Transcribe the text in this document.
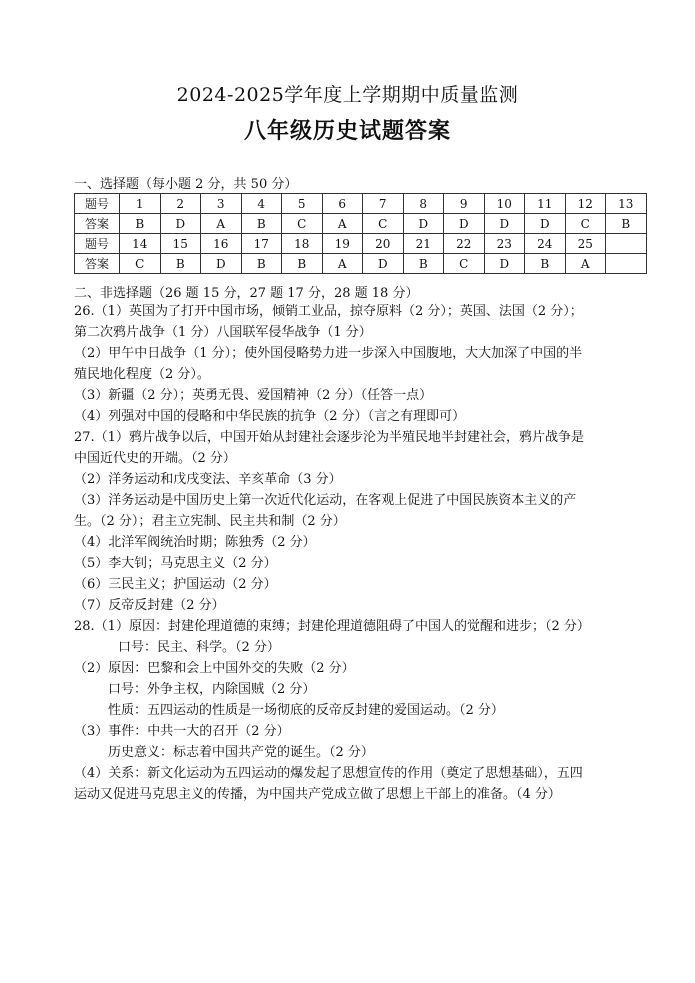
2024-2025学年度上学期期中质量监测
八年级历史试题答案
一、选择题（每小题 2 分，共 50 分）
题号	1	2	3	4	5	6	7	8	9	10	11	12	13
答案	B	D	A	B	C	A	C	D	D	D	D	C	B
题号	14	15	16	17	18	19	20	21	22	23	24	25	
答案	C	B	D	B	B	A	D	B	C	D	B	A	
二、非选择题（26 题 15 分，27 题 17 分，28 题 18 分）
26.（1）英国为了打开中国市场，倾销工业品，掠夺原料（2 分）；英国、法国（2 分）；
第二次鸦片战争（1 分）八国联军侵华战争（1 分）
（2）甲午中日战争（1 分）；使外国侵略势力进一步深入中国腹地，大大加深了中国的半
殖民地化程度（2 分）。
（3）新疆（2 分）；英勇无畏、爱国精神（2 分）（任答一点）
（4）列强对中国的侵略和中华民族的抗争（2 分）（言之有理即可）
27.（1）鸦片战争以后，中国开始从封建社会逐步沦为半殖民地半封建社会，鸦片战争是
中国近代史的开端。（2 分）
（2）洋务运动和戊戌变法、辛亥革命（3 分）
（3）洋务运动是中国历史上第一次近代化运动，在客观上促进了中国民族资本主义的产
生。（2 分）；君主立宪制、民主共和制（2 分）
（4）北洋军阀统治时期；陈独秀（2 分）
（5）李大钊；马克思主义（2 分）
（6）三民主义；护国运动（2 分）
（7）反帝反封建（2 分）
28.（1）原因：封建伦理道德的束缚；封建伦理道德阻碍了中国人的觉醒和进步；（2 分）
口号：民主、科学。（2 分）
（2）原因：巴黎和会上中国外交的失败（2 分）
口号：外争主权，内除国贼（2 分）
性质：五四运动的性质是一场彻底的反帝反封建的爱国运动。（2 分）
（3）事件：中共一大的召开（2 分）
历史意义：标志着中国共产党的诞生。（2 分）
（4）关系：新文化运动为五四运动的爆发起了思想宣传的作用（奠定了思想基础），五四
运动又促进马克思主义的传播，为中国共产党成立做了思想上干部上的准备。（4 分）
